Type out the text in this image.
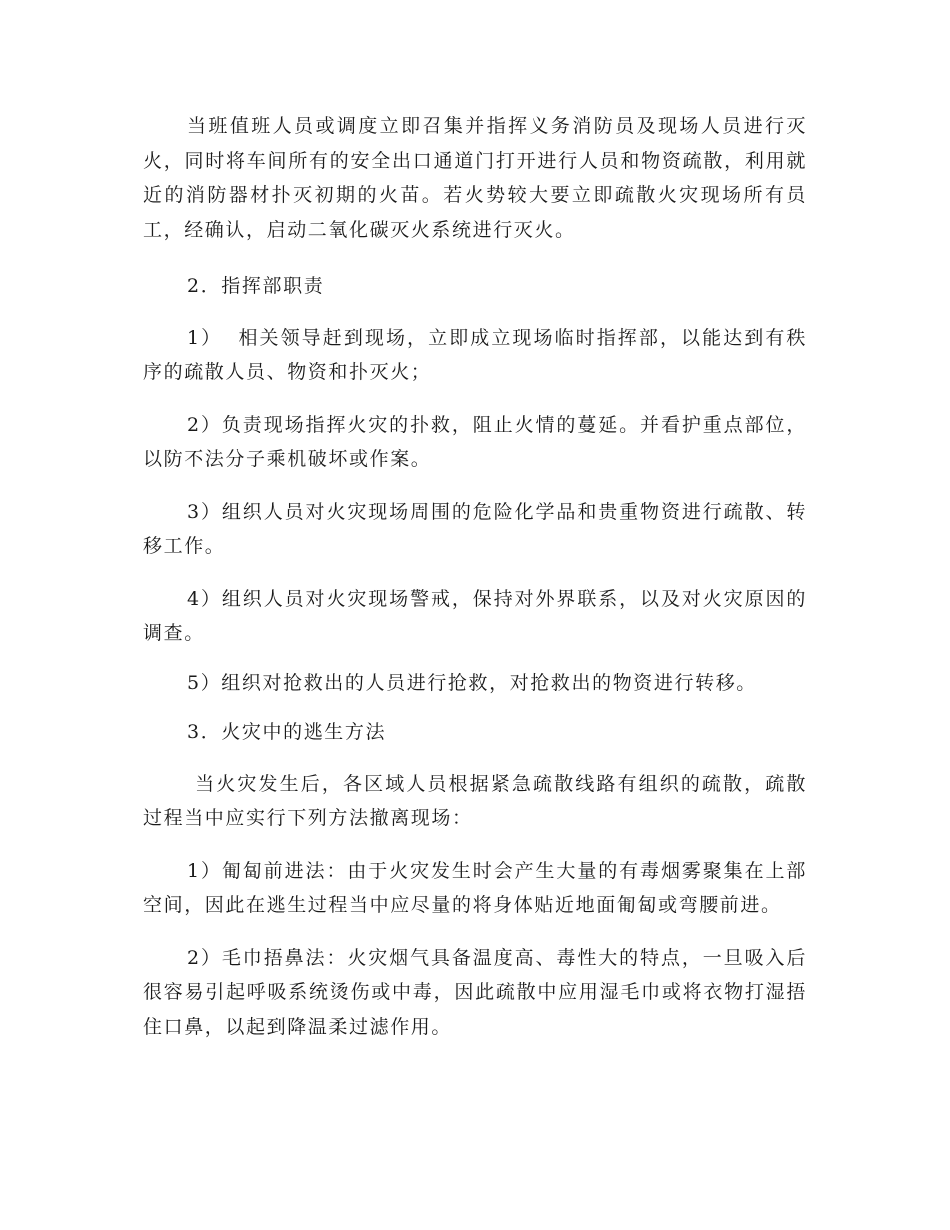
当班值班人员或调度立即召集并指挥义务消防员及现场人员进行灭火，同时将车间所有的安全出口通道门打开进行人员和物资疏散，利用就近的消防器材扑灭初期的火苗。若火势较大要立即疏散火灾现场所有员工，经确认，启动二氧化碳灭火系统进行灭火。

2．指挥部职责

1）  相关领导赶到现场，立即成立现场临时指挥部，以能达到有秩序的疏散人员、物资和扑灭火；

2）负责现场指挥火灾的扑救，阻止火情的蔓延。并看护重点部位，以防不法分子乘机破坏或作案。

3）组织人员对火灾现场周围的危险化学品和贵重物资进行疏散、转移工作。

4）组织人员对火灾现场警戒，保持对外界联系，以及对火灾原因的调查。

5）组织对抢救出的人员进行抢救，对抢救出的物资进行转移。

3．火灾中的逃生方法

当火灾发生后，各区域人员根据紧急疏散线路有组织的疏散，疏散过程当中应实行下列方法撤离现场：

1）匍匐前进法：由于火灾发生时会产生大量的有毒烟雾聚集在上部空间，因此在逃生过程当中应尽量的将身体贴近地面匍匐或弯腰前进。

2）毛巾捂鼻法：火灾烟气具备温度高、毒性大的特点，一旦吸入后很容易引起呼吸系统烫伤或中毒，因此疏散中应用湿毛巾或将衣物打湿捂住口鼻，以起到降温柔过滤作用。
